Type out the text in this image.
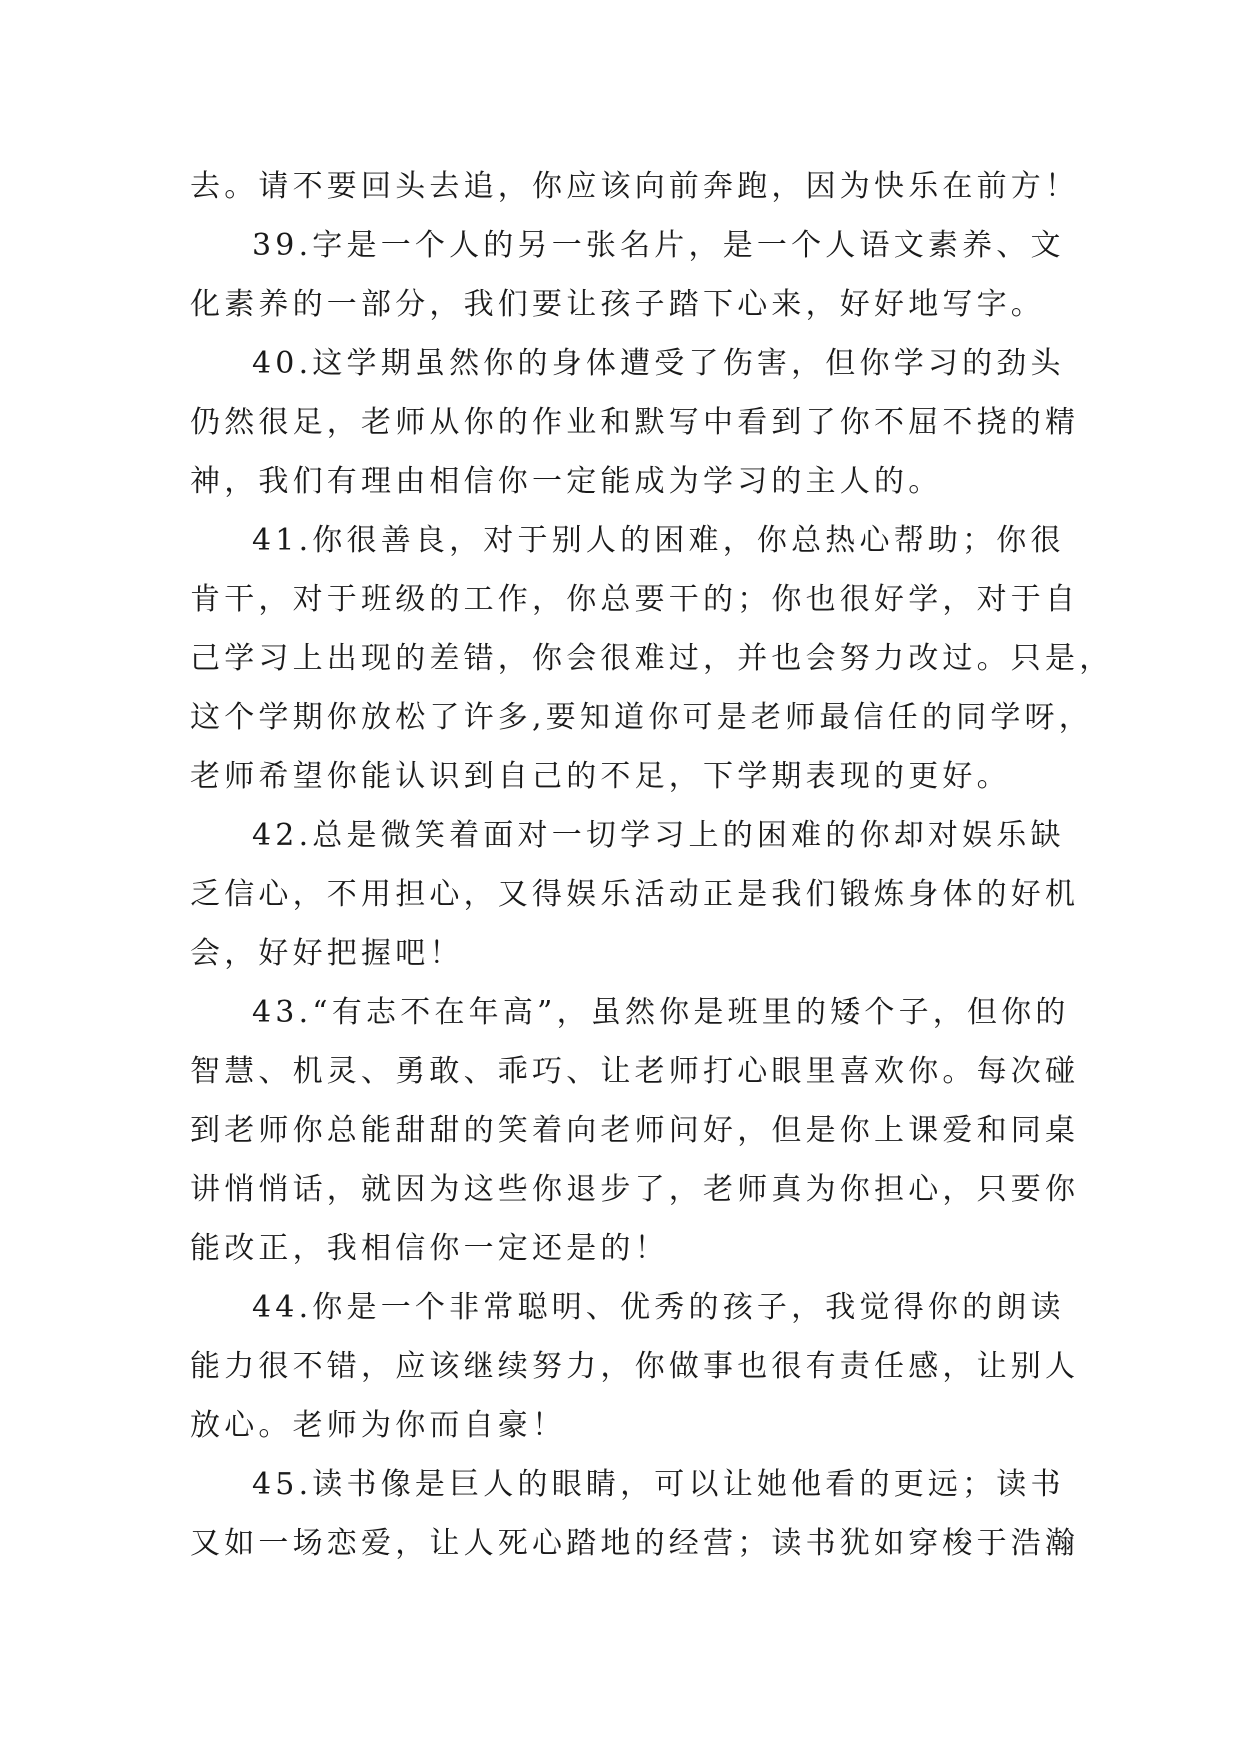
去。请不要回头去追，你应该向前奔跑，因为快乐在前方！

39.字是一个人的另一张名片，是一个人语文素养、文

化素养的一部分，我们要让孩子踏下心来，好好地写字。

40.这学期虽然你的身体遭受了伤害，但你学习的劲头

仍然很足，老师从你的作业和默写中看到了你不屈不挠的精

神，我们有理由相信你一定能成为学习的主人的。

41.你很善良，对于别人的困难，你总热心帮助；你很

肯干，对于班级的工作，你总要干的；你也很好学，对于自

己学习上出现的差错，你会很难过，并也会努力改过。只是，

这个学期你放松了许多,要知道你可是老师最信任的同学呀，

老师希望你能认识到自己的不足，下学期表现的更好。

42.总是微笑着面对一切学习上的困难的你却对娱乐缺

乏信心，不用担心，又得娱乐活动正是我们锻炼身体的好机

会，好好把握吧！

43.“有志不在年高”，虽然你是班里的矮个子，但你的

智慧、机灵、勇敢、乖巧、让老师打心眼里喜欢你。每次碰

到老师你总能甜甜的笑着向老师问好，但是你上课爱和同桌

讲悄悄话，就因为这些你退步了，老师真为你担心，只要你

能改正，我相信你一定还是的！

44.你是一个非常聪明、优秀的孩子，我觉得你的朗读

能力很不错，应该继续努力，你做事也很有责任感，让别人

放心。老师为你而自豪！

45.读书像是巨人的眼睛，可以让她他看的更远；读书

又如一场恋爱，让人死心踏地的经营；读书犹如穿梭于浩瀚
